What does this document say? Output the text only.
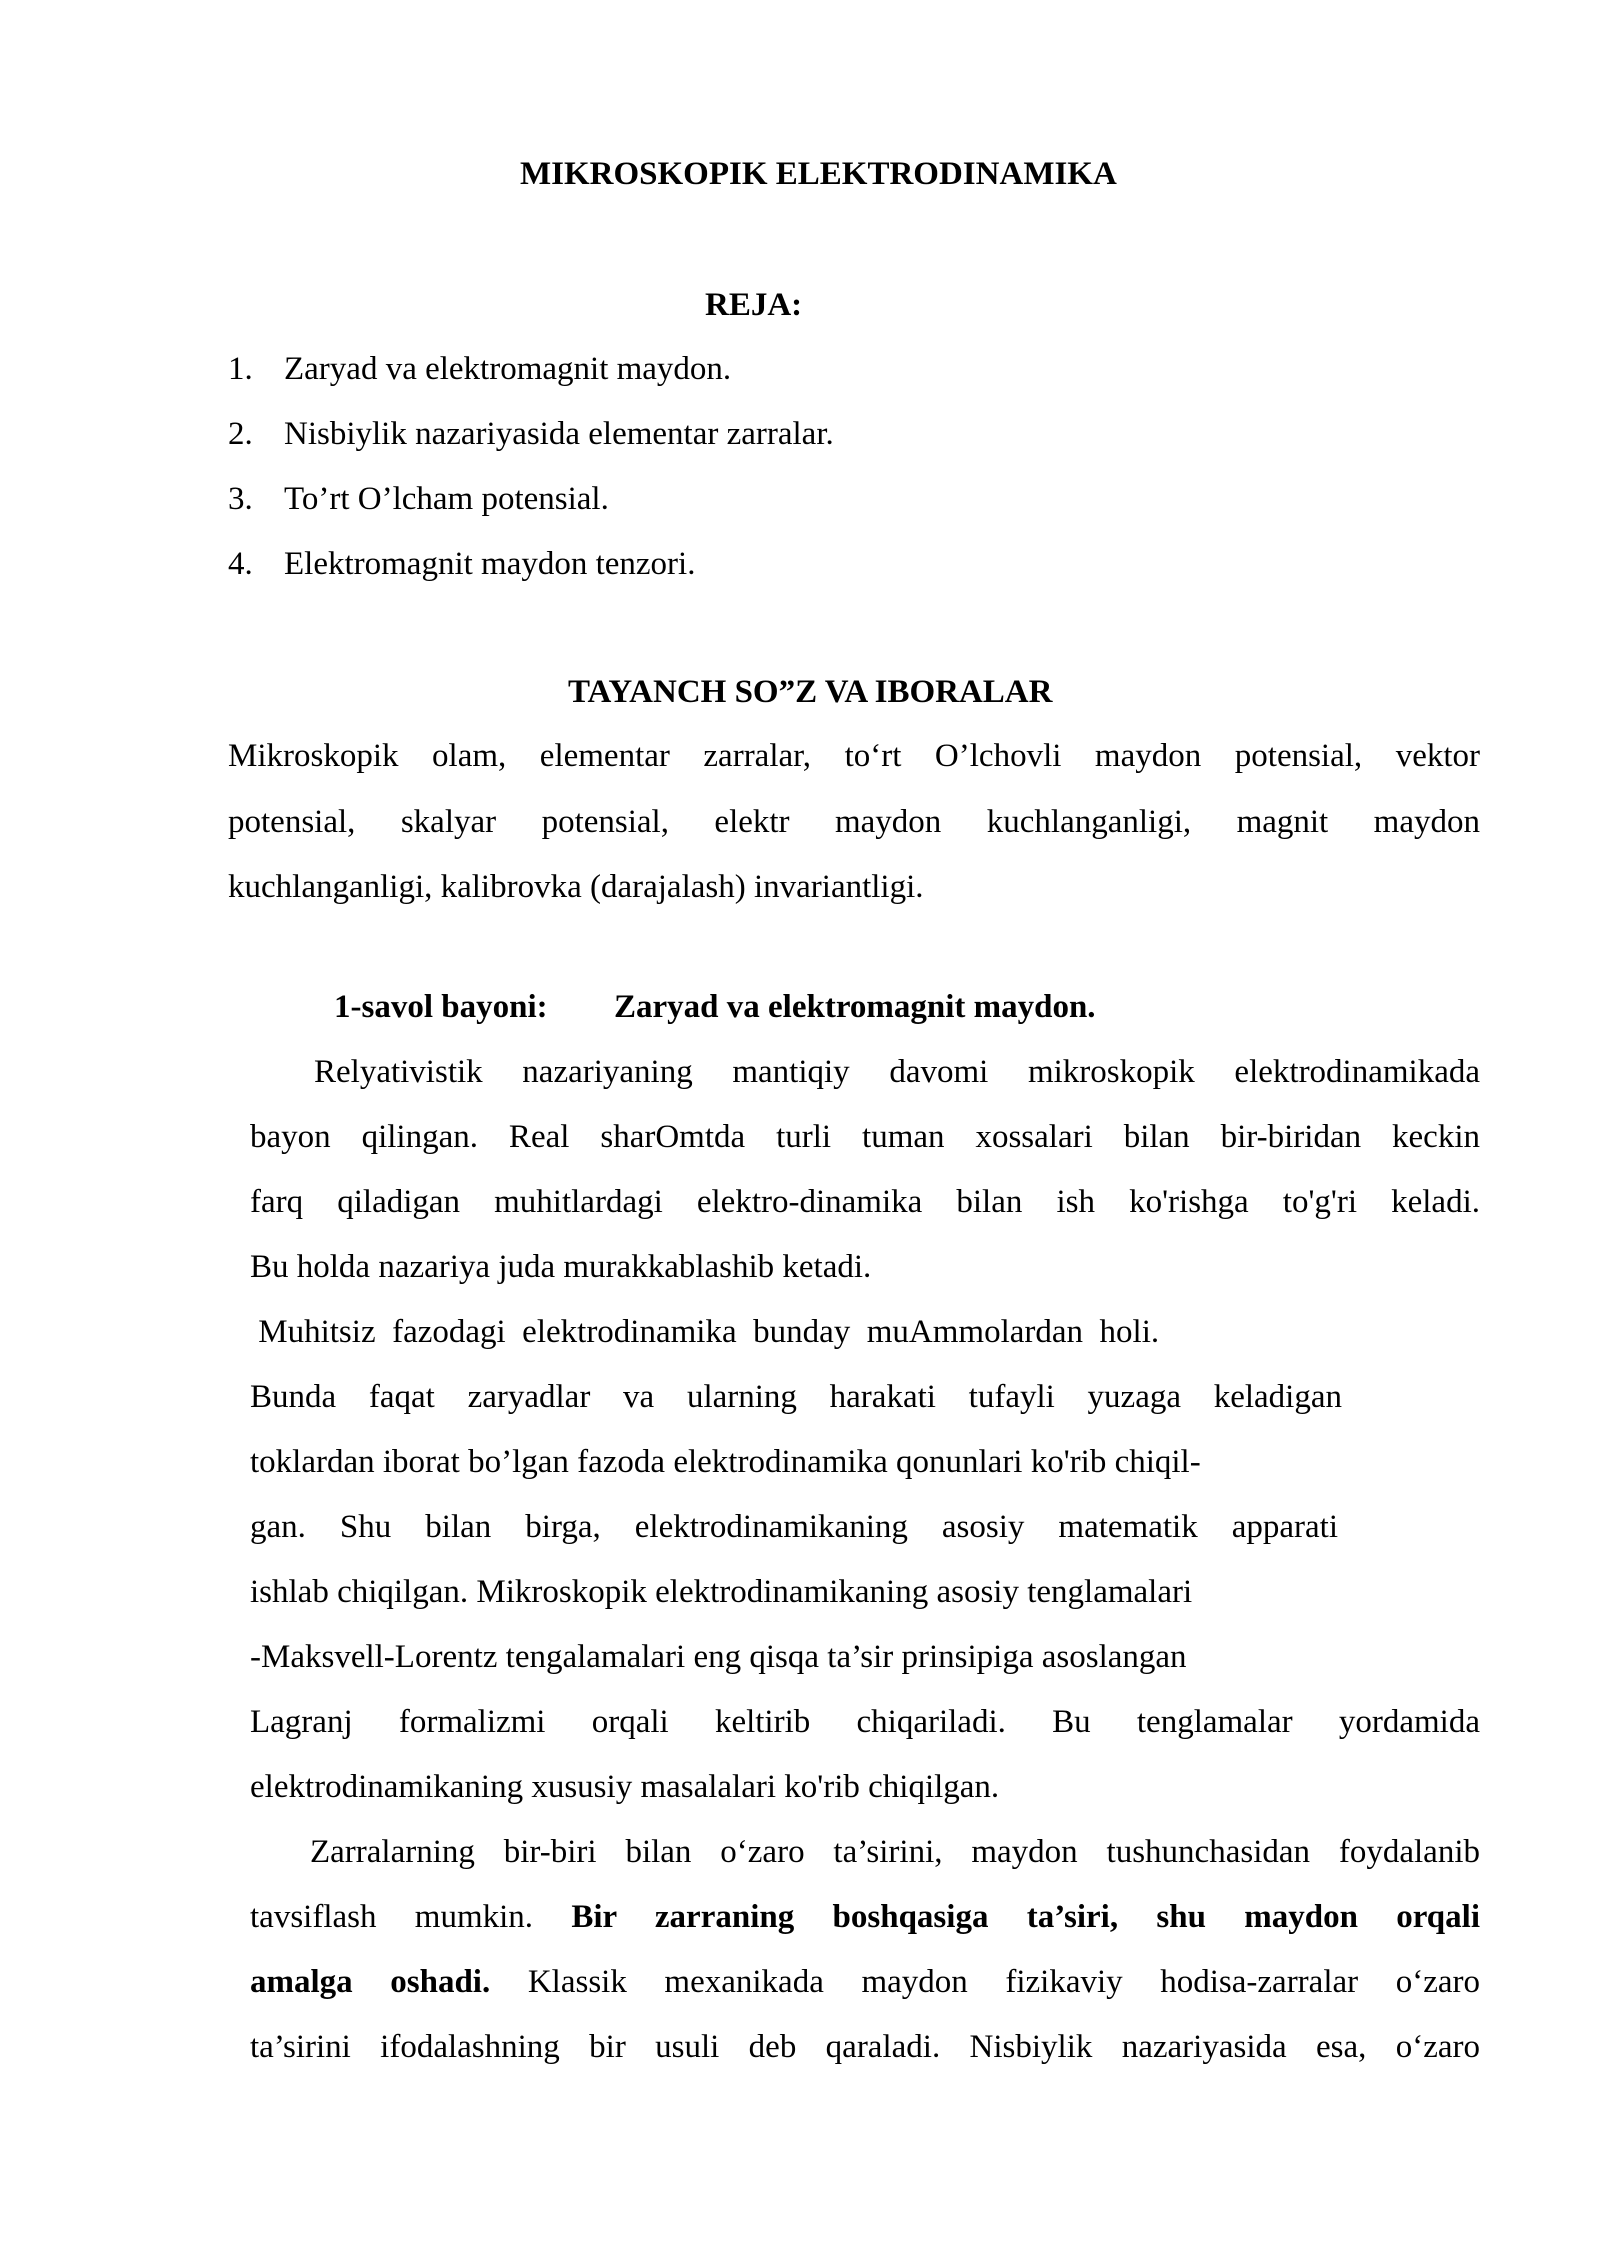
MIKROSKOPIK ELEKTRODINAMIKA
REJA:
1. Zaryad va elektromagnit maydon.
2. Nisbiylik nazariyasida elementar zarralar.
3. To’rt O’lcham potensial.
4. Elektromagnit maydon tenzori.
TAYANCH SO”Z VA IBORALAR
Mikroskopik olam, elementar zarralar, to‘rt O’lchovli maydon potensial, vektor
potensial, skalyar potensial, elektr maydon kuchlanganligi, magnit maydon
kuchlanganligi, kalibrovka (darajalash) invariantligi.
1-savol bayoni: Zaryad va elektromagnit maydon.
Relyativistik nazariyaning mantiqiy davomi mikroskopik elektrodinamikada
bayon qilingan. Real sharOmtda turli tuman xossalari bilan bir-biridan keckin
farq qiladigan muhitlardagi elektro-dinamika bilan ish ko'rishga to'g'ri keladi.
Bu holda nazariya juda murakkablashib ketadi.
Muhitsiz  fazodagi  elektrodinamika  bunday  muAmmolardan  holi.
Bunda faqat zaryadlar va ularning harakati tufayli yuzaga keladigan
toklardan iborat bo’lgan fazoda elektrodinamika qonunlari ko'rib chiqil-
gan. Shu bilan birga, elektrodinamikaning asosiy matematik apparati
ishlab chiqilgan. Mikroskopik elektrodinamikaning asosiy tenglamalari
-Maksvell-Lorentz tengalamalari eng qisqa ta’sir prinsipiga asoslangan
Lagranj formalizmi orqali keltirib chiqariladi. Bu tenglamalar yordamida
elektrodinamikaning xususiy masalalari ko'rib chiqilgan.
Zarralarning bir-biri bilan o‘zaro ta’sirini, maydon tushunchasidan foydalanib
tavsiflash mumkin. Bir zarraning boshqasiga ta’siri, shu maydon orqali
amalga oshadi. Klassik mexanikada maydon fizikaviy hodisa-zarralar o‘zaro
ta’sirini ifodalashning bir usuli deb qaraladi. Nisbiylik nazariyasida esa, o‘zaro
